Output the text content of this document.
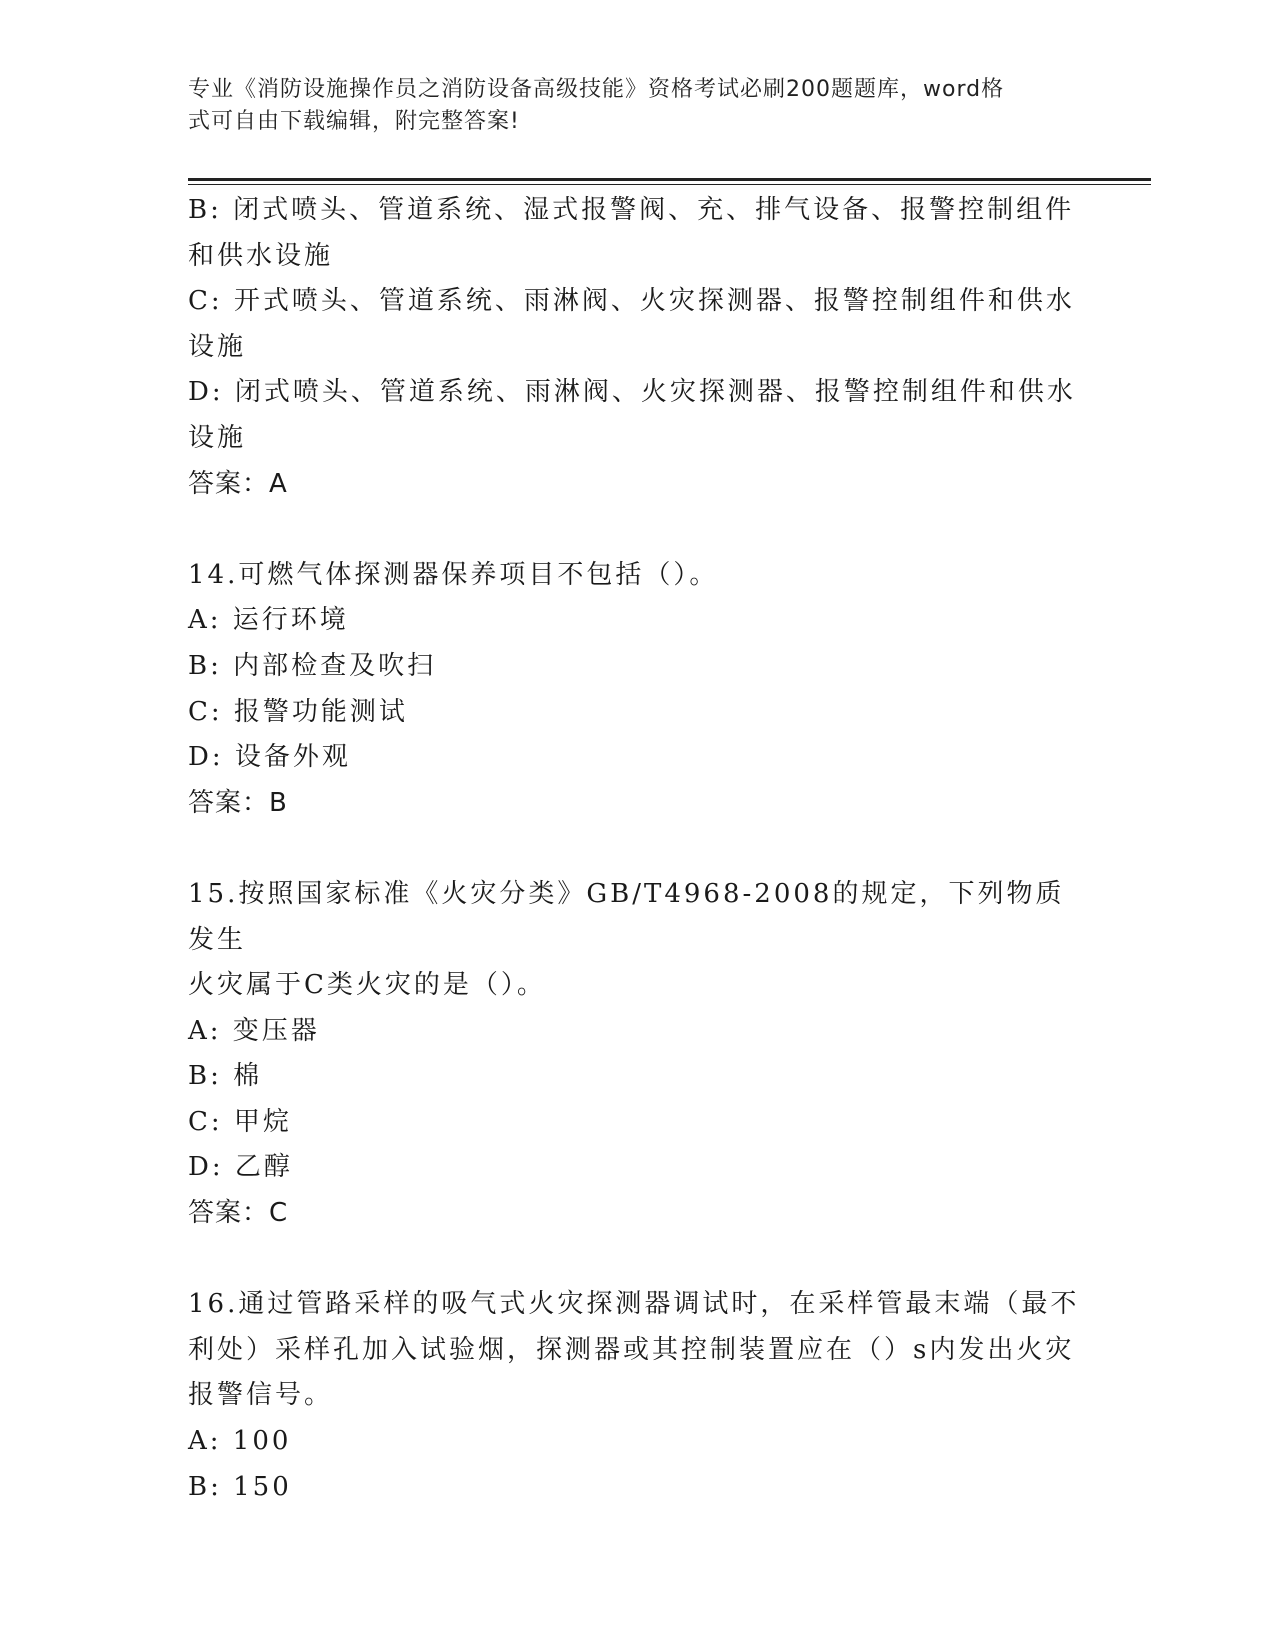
专业《消防设施操作员之消防设备高级技能》资格考试必刷200题题库，word格
式可自由下载编辑，附完整答案!
B: 闭式喷头、管道系统、湿式报警阀、充、排气设备、报警控制组件
和供水设施
C: 开式喷头、管道系统、雨淋阀、火灾探测器、报警控制组件和供水
设施
D: 闭式喷头、管道系统、雨淋阀、火灾探测器、报警控制组件和供水
设施
答案：A
14.可燃气体探测器保养项目不包括（）。
A: 运行环境
B: 内部检查及吹扫
C: 报警功能测试
D: 设备外观
答案：B
15.按照国家标准《火灾分类》GB/T4968-2008的规定，下列物质发生
火灾属于C类火灾的是（）。
A: 变压器
B: 棉
C: 甲烷
D: 乙醇
答案：C
16.通过管路采样的吸气式火灾探测器调试时，在采样管最末端（最不
利处）采样孔加入试验烟，探测器或其控制装置应在（）s内发出火灾
报警信号。
A: 100
B: 150
